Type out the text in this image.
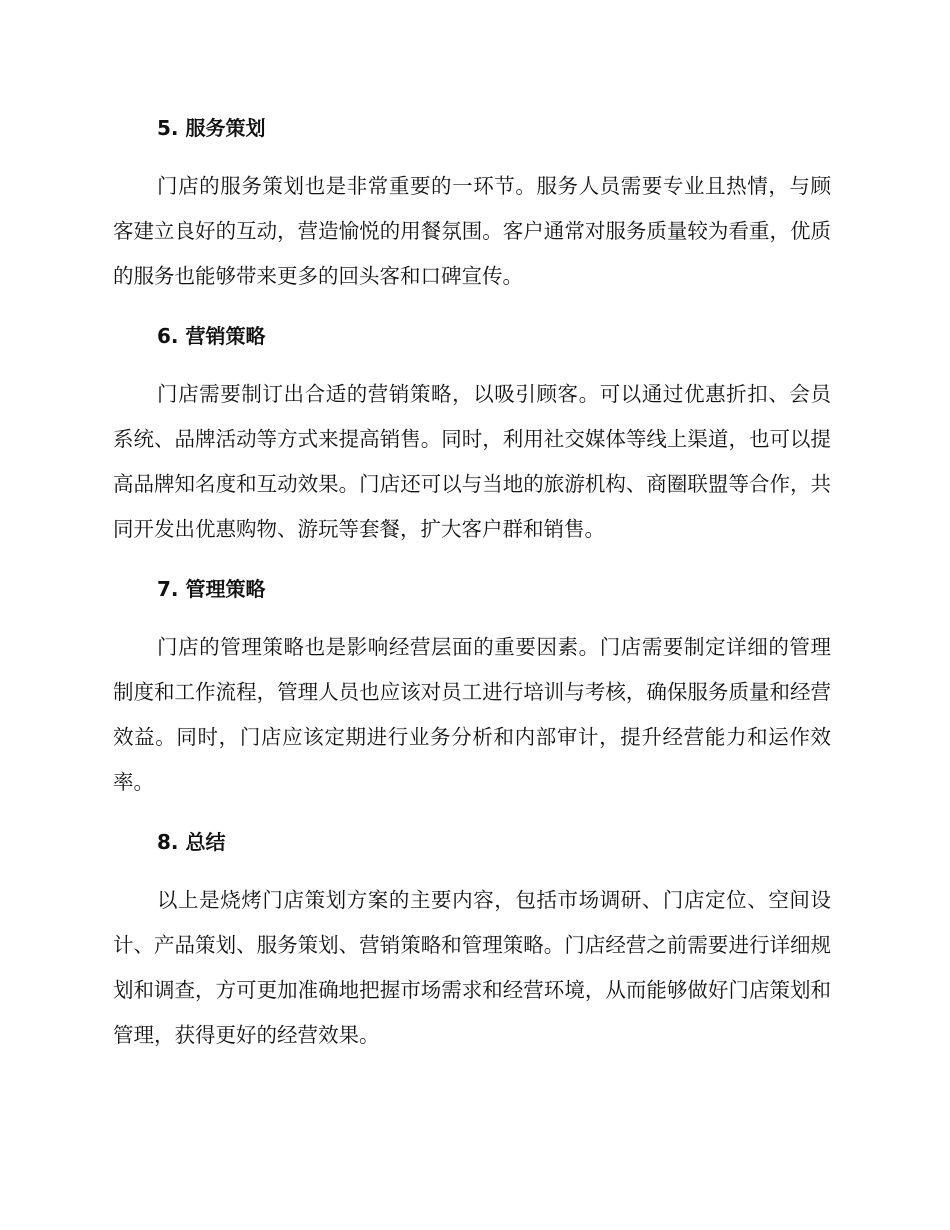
5. 服务策划

门店的服务策划也是非常重要的一环节。服务人员需要专业且热情，与顾客建立良好的互动，营造愉悦的用餐氛围。客户通常对服务质量较为看重，优质的服务也能够带来更多的回头客和口碑宣传。

6. 营销策略

门店需要制订出合适的营销策略，以吸引顾客。可以通过优惠折扣、会员系统、品牌活动等方式来提高销售。同时，利用社交媒体等线上渠道，也可以提高品牌知名度和互动效果。门店还可以与当地的旅游机构、商圈联盟等合作，共同开发出优惠购物、游玩等套餐，扩大客户群和销售。

7. 管理策略

门店的管理策略也是影响经营层面的重要因素。门店需要制定详细的管理制度和工作流程，管理人员也应该对员工进行培训与考核，确保服务质量和经营效益。同时，门店应该定期进行业务分析和内部审计，提升经营能力和运作效率。

8. 总结

以上是烧烤门店策划方案的主要内容，包括市场调研、门店定位、空间设计、产品策划、服务策划、营销策略和管理策略。门店经营之前需要进行详细规划和调查，方可更加准确地把握市场需求和经营环境，从而能够做好门店策划和管理，获得更好的经营效果。
